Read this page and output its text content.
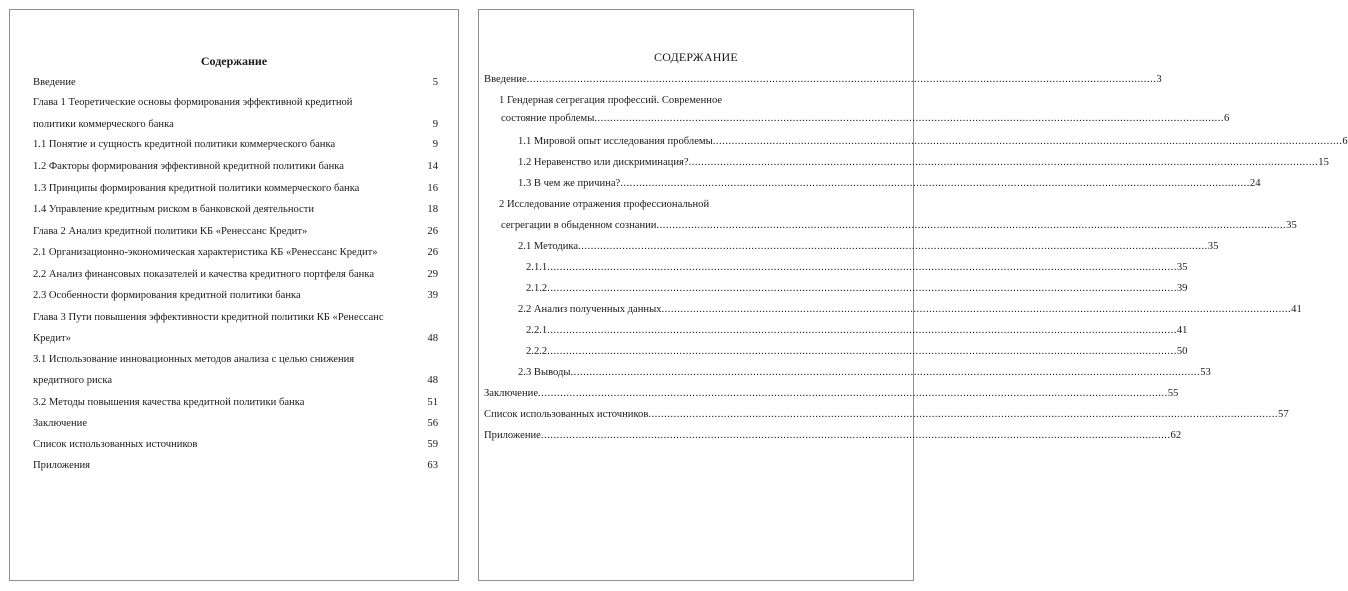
Содержание
Введение	5
Глава 1 Теоретические основы формирования эффективной кредитной
политики коммерческого банка	9
1.1 Понятие и сущность кредитной политики коммерческого банка	9
1.2 Факторы формирования эффективной кредитной политики банка	14
1.3 Принципы формирования кредитной политики коммерческого банка	16
1.4 Управление кредитным риском в банковской деятельности	18
Глава 2 Анализ кредитной политики КБ «Ренессанс Кредит»	26
2.1 Организационно-экономическая характеристика КБ «Ренессанс Кредит»	26
2.2 Анализ финансовых показателей и качества кредитного портфеля банка	29
2.3 Особенности формирования кредитной политики банка	39
Глава 3 Пути повышения эффективности кредитной политики КБ «Ренессанс
Кредит»	48
3.1 Использование инновационных методов анализа с целью снижения
кредитного риска	48
3.2 Методы повышения качества кредитной политики банка	51
Заключение	56
Список использованных источников	59
Приложения	63
СОДЕРЖАНИЕ
Введение ........................................................................................................................................................................................................ 3
1 Гендерная сегрегация профессий. Современное
состояние проблемы ........................................................................................................................................................................................................ 6
1.1 Мировой опыт исследования проблемы ........................................................................................................................................................................................................ 6
1.2 Неравенство или дискриминация? ........................................................................................................................................................................................................ 15
1.3 В чем же причина? ........................................................................................................................................................................................................ 24
2 Исследование отражения профессиональной
сегрегации в обыденном сознании ........................................................................................................................................................................................................ 35
2.1 Методика ........................................................................................................................................................................................................ 35
2.1.1 ........................................................................................................................................................................................................ 35
2.1.2 ........................................................................................................................................................................................................ 39
2.2 Анализ полученных данных ........................................................................................................................................................................................................ 41
2.2.1 ........................................................................................................................................................................................................ 41
2.2.2 ........................................................................................................................................................................................................ 50
2.3 Выводы ........................................................................................................................................................................................................ 53
Заключение ........................................................................................................................................................................................................ 55
Список использованных источников ........................................................................................................................................................................................................ 57
Приложение ........................................................................................................................................................................................................ 62
